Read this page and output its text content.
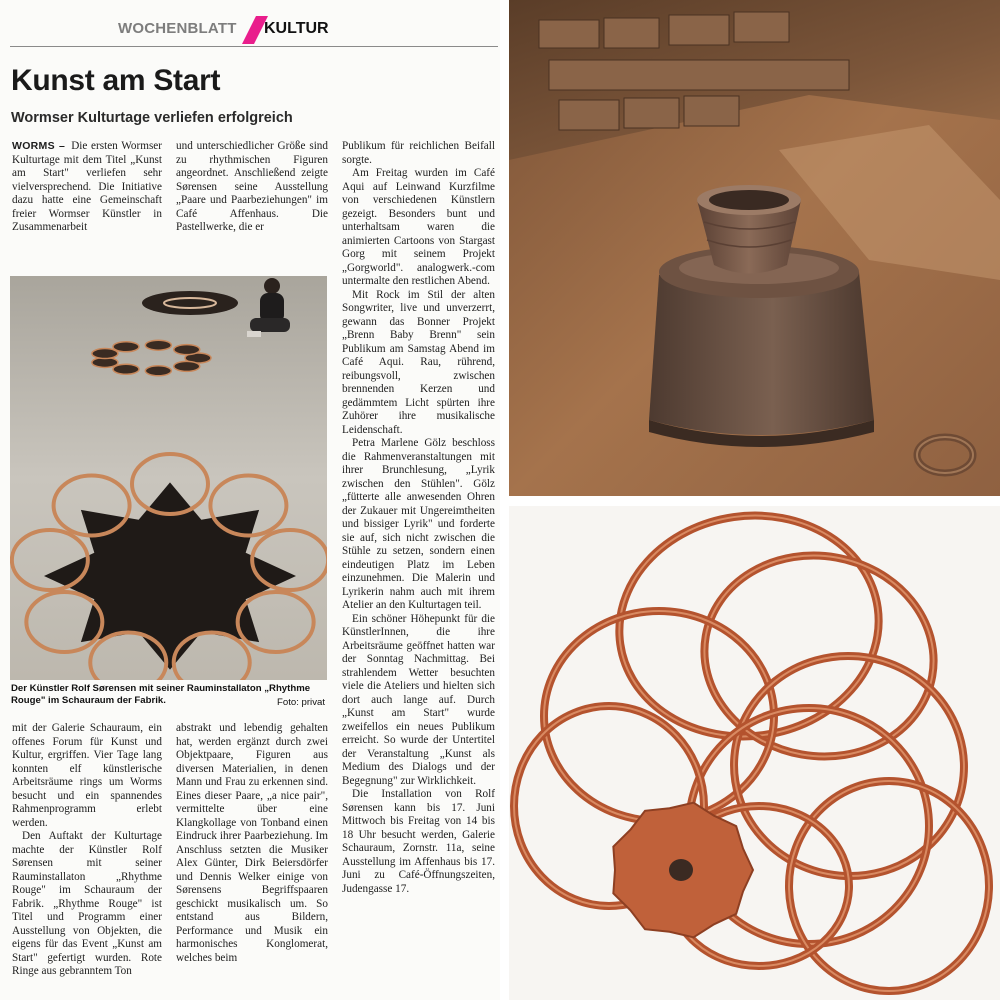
WOCHENBLATT KULTUR
Kunst am Start
Wormser Kulturtage verliefen erfolgreich

WORMS – Die ersten Wormser Kulturtage mit dem Titel „Kunst am Start" verliefen sehr vielversprechend. Die Initiative dazu hatte eine Gemeinschaft freier Wormser Künstler in Zusammenarbeit

und unterschiedlicher Größe sind zu rhythmischen Figuren angeordnet. Anschließend zeigte Sørensen seine Ausstellung „Paare und Paarbeziehungen" im Café Affenhaus. Die Pastellwerke, die er

Publikum für reichlichen Beifall sorgte.

Am Freitag wurden im Café Aqui auf Leinwand Kurzfilme von verschiedenen Künstlern gezeigt. Besonders bunt und unterhaltsam waren die animierten Cartoons von Stargast Gorg mit seinem Projekt „Gorgworld". analogwerk.-com untermalte den restlichen Abend.

Mit Rock im Stil der alten Songwriter, live und unverzerrt, gewann das Bonner Projekt „Brenn Baby Brenn" sein Publikum am Samstag Abend im Café Aqui. Rau, rührend, reibungsvoll, zwischen brennenden Kerzen und gedämmtem Licht spürten ihre Zuhörer ihre musikalische Leidenschaft.

Petra Marlene Gölz beschloss die Rahmenveranstaltungen mit ihrer Brunchlesung, „Lyrik zwischen den Stühlen". Gölz „fütterte alle anwesenden Ohren der Zukauer mit Ungereimtheiten und bissiger Lyrik" und forderte sie auf, sich nicht zwischen die Stühle zu setzen, sondern einen eindeutigen Platz im Leben einzunehmen. Die Malerin und Lyrikerin nahm auch mit ihrem Atelier an den Kulturtagen teil.

Ein schöner Höhepunkt für die KünstlerInnen, die ihre Arbeitsräume geöffnet hatten war der Sonntag Nachmittag. Bei strahlendem Wetter besuchten viele die Ateliers und hielten sich dort auch lange auf. Durch „Kunst am Start" wurde zweifellos ein neues Publikum erreicht. So wurde der Untertitel der Veranstaltung „Kunst als Medium des Dialogs und der Begegnung" zur Wirklichkeit.

Die Installation von Rolf Sørensen kann bis 17. Juni Mittwoch bis Freitag von 14 bis 18 Uhr besucht werden, Galerie Schauraum, Zornstr. 11a, seine Ausstellung im Affenhaus bis 17. Juni zu Café-Öffnungszeiten, Judengasse 17.

Der Künstler Rolf Sørensen mit seiner Rauminstallaton „Rhythme Rouge" im Schauraum der Fabrik.	Foto: privat

mit der Galerie Schauraum, ein offenes Forum für Kunst und Kultur, ergriffen. Vier Tage lang konnten elf künstlerische Arbeitsräume rings um Worms besucht und ein spannendes Rahmenprogramm erlebt werden.

Den Auftakt der Kulturtage machte der Künstler Rolf Sørensen mit seiner Rauminstallaton „Rhythme Rouge" im Schauraum der Fabrik. „Rhythme Rouge" ist Titel und Programm einer Ausstellung von Objekten, die eigens für das Event „Kunst am Start" gefertigt wurden. Rote Ringe aus gebranntem Ton

abstrakt und lebendig gehalten hat, werden ergänzt durch zwei Objektpaare, Figuren aus diversen Materialien, in denen Mann und Frau zu erkennen sind. Eines dieser Paare, „a nice pair", vermittelte über eine Klangkollage von Tonband einen Eindruck ihrer Paarbeziehung. Im Anschluss setzten die Musiker Alex Günter, Dirk Beiersdörfer und Dennis Welker einige von Sørensens Begriffspaaren geschickt musikalisch um. So entstand aus Bildern, Performance und Musik ein harmonisches Konglomerat, welches beim
